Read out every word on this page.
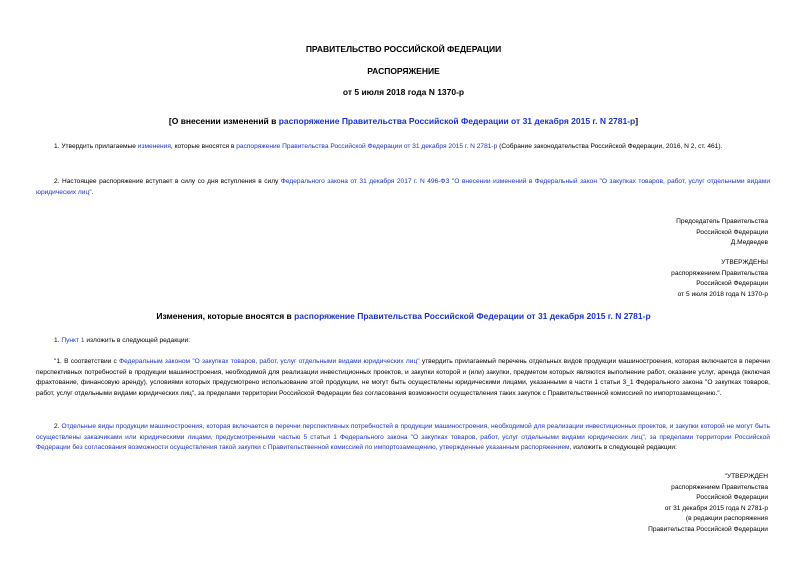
ПРАВИТЕЛЬСТВО РОССИЙСКОЙ ФЕДЕРАЦИИ
РАСПОРЯЖЕНИЕ
от 5 июля 2018 года N 1370-р
[О внесении изменений в распоряжение Правительства Российской Федерации от 31 декабря 2015 г. N 2781-р]
1. Утвердить прилагаемые изменения, которые вносятся в распоряжение Правительства Российской Федерации от 31 декабря 2015 г. N 2781-р (Собрание законодательства Российской Федерации, 2016, N 2, ст. 461).
2. Настоящее распоряжение вступает в силу со дня вступления в силу Федерального закона от 31 декабря 2017 г. N 496-ФЗ "О внесении изменений в Федеральный закон "О закупках товаров, работ, услуг отдельными видами юридических лиц".
Председатель Правительства
Российской Федерации
Д.Медведев
УТВЕРЖДЕНЫ
распоряжением Правительства
Российской Федерации
от 5 июля 2018 года N 1370-р
Изменения, которые вносятся в распоряжение Правительства Российской Федерации от 31 декабря 2015 г. N 2781-р
1. Пункт 1 изложить в следующей редакции:
"1. В соответствии с Федеральным законом "О закупках товаров, работ, услуг отдельными видами юридических лиц" утвердить прилагаемый перечень отдельных видов продукции машиностроения, которая включается в перечни перспективных потребностей в продукции машиностроения, необходимой для реализации инвестиционных проектов, и закупки которой и (или) закупки, предметом которых являются выполнение работ, оказание услуг, аренда (включая фрахтование, финансовую аренду), условиями которых предусмотрено использование этой продукции, не могут быть осуществлены юридическими лицами, указанными в части 1 статьи 3_1 Федерального закона "О закупках товаров, работ, услуг отдельными видами юридических лиц", за пределами территории Российской Федерации без согласования возможности осуществления таких закупок с Правительственной комиссией по импортозамещению.".
2. Отдельные виды продукции машиностроения, которая включается в перечни перспективных потребностей в продукции машиностроения, необходимой для реализации инвестиционных проектов, и закупки которой не могут быть осуществлены заказчиками или юридическими лицами, предусмотренными частью 5 статьи 1 Федерального закона "О закупках товаров, работ, услуг отдельными видами юридических лиц", за пределами территории Российской Федерации без согласования возможности осуществления такой закупки с Правительственной комиссией по импортозамещению, утвержденные указанным распоряжением, изложить в следующей редакции:
"УТВЕРЖДЕН
распоряжением Правительства
Российской Федерации
от 31 декабря 2015 года N 2781-р
(в редакции распоряжения
Правительства Российской Федерации
